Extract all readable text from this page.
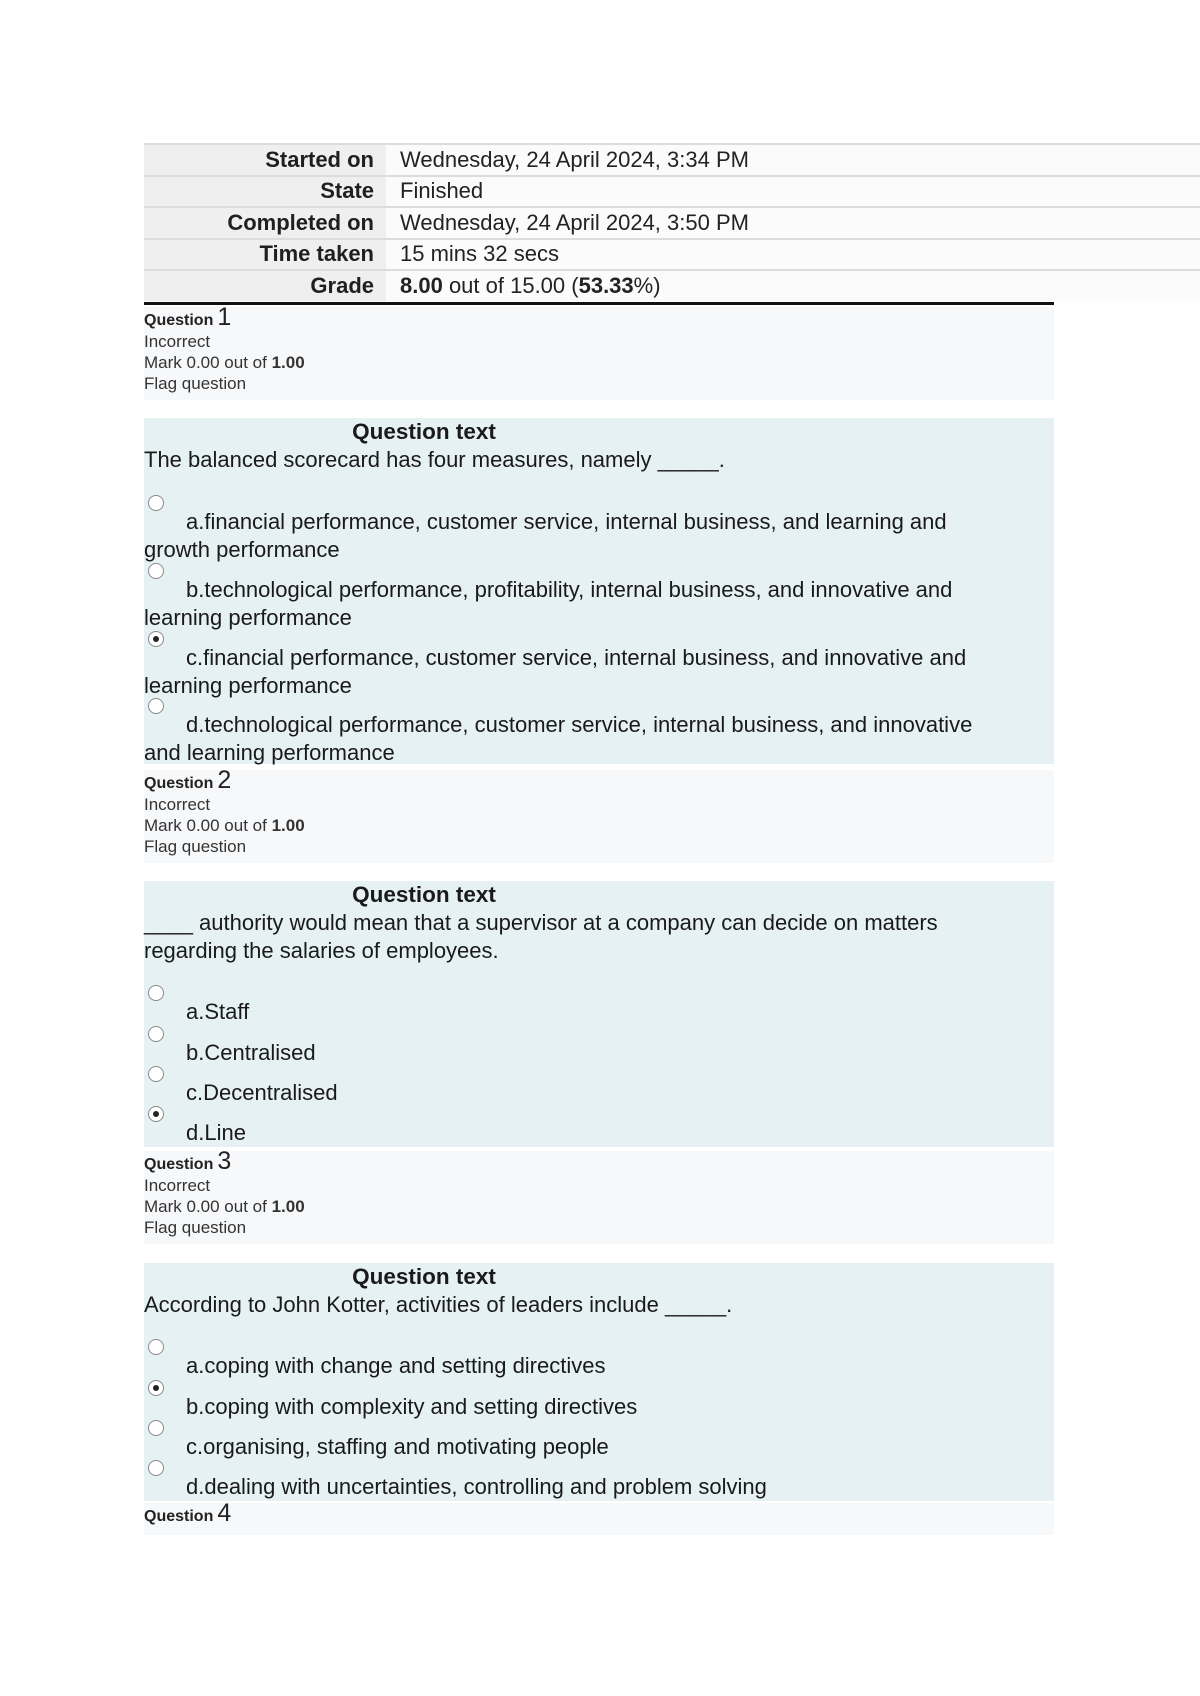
Started on	Wednesday, 24 April 2024, 3:34 PM
State	Finished
Completed on	Wednesday, 24 April 2024, 3:50 PM
Time taken	15 mins 32 secs
Grade	8.00 out of 15.00 (53.33%)
Question 1
Incorrect
Mark 0.00 out of 1.00
Flag question
Question text
The balanced scorecard has four measures, namely _____.
a.financial performance, customer service, internal business, and learning and
growth performance
b.technological performance, profitability, internal business, and innovative and
learning performance
c.financial performance, customer service, internal business, and innovative and
learning performance
d.technological performance, customer service, internal business, and innovative
and learning performance
Question 2
Incorrect
Mark 0.00 out of 1.00
Flag question
Question text
____ authority would mean that a supervisor at a company can decide on matters
regarding the salaries of employees.
a.Staff
b.Centralised
c.Decentralised
d.Line
Question 3
Incorrect
Mark 0.00 out of 1.00
Flag question
Question text
According to John Kotter, activities of leaders include _____.
a.coping with change and setting directives
b.coping with complexity and setting directives
c.organising, staffing and motivating people
d.dealing with uncertainties, controlling and problem solving
Question 4
